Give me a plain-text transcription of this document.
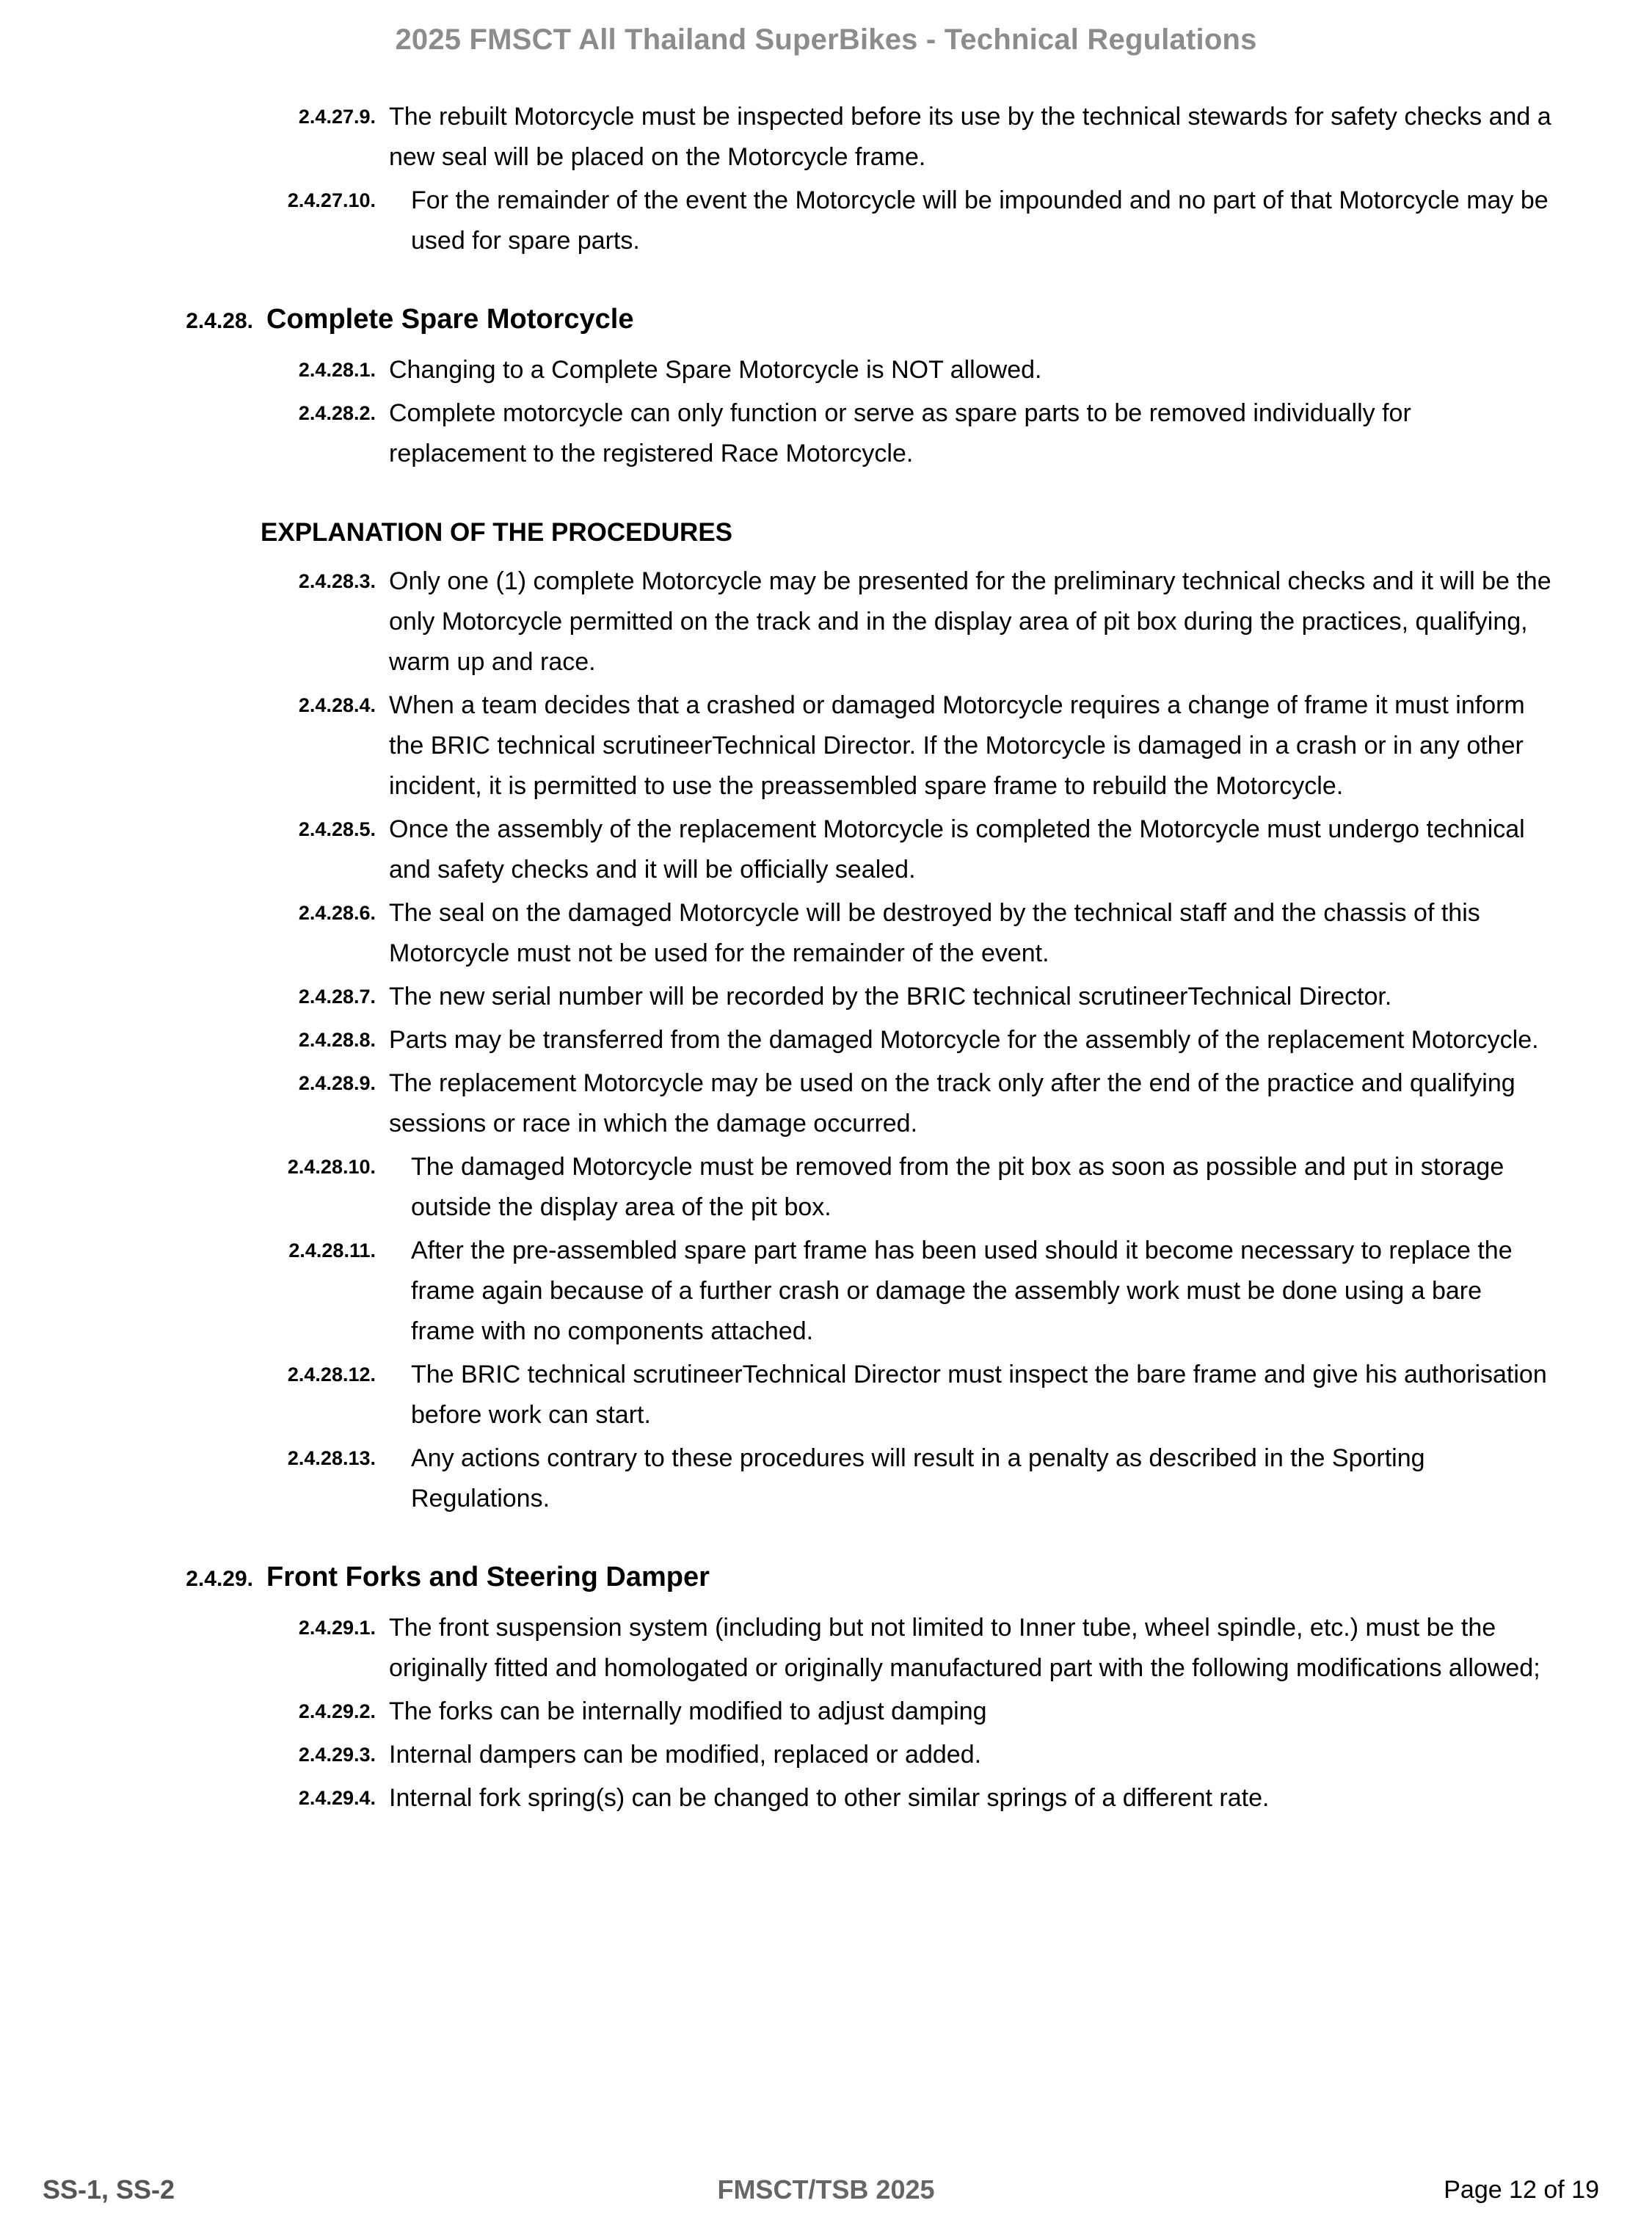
2025 FMSCT All Thailand SuperBikes - Technical Regulations
2.4.27.9. The rebuilt Motorcycle must be inspected before its use by the technical stewards for safety checks and a new seal will be placed on the Motorcycle frame.
2.4.27.10.	For the remainder of the event the Motorcycle will be impounded and no part of that Motorcycle may be used for spare parts.
2.4.28. Complete Spare Motorcycle
2.4.28.1. Changing to a Complete Spare Motorcycle is NOT allowed.
2.4.28.2. Complete motorcycle can only function or serve as spare parts to be removed individually for replacement to the registered Race Motorcycle.
EXPLANATION OF THE PROCEDURES
2.4.28.3. Only one (1) complete Motorcycle may be presented for the preliminary technical checks and it will be the only Motorcycle permitted on the track and in the display area of pit box during the practices, qualifying, warm up and race.
2.4.28.4. When a team decides that a crashed or damaged Motorcycle requires a change of frame it must inform the BRIC technical scrutineerTechnical Director. If the Motorcycle is damaged in a crash or in any other incident, it is permitted to use the preassembled spare frame to rebuild the Motorcycle.
2.4.28.5. Once the assembly of the replacement Motorcycle is completed the Motorcycle must undergo technical and safety checks and it will be officially sealed.
2.4.28.6. The seal on the damaged Motorcycle will be destroyed by the technical staff and the chassis of this Motorcycle must not be used for the remainder of the event.
2.4.28.7. The new serial number will be recorded by the BRIC technical scrutineerTechnical Director.
2.4.28.8. Parts may be transferred from the damaged Motorcycle for the assembly of the replacement Motorcycle.
2.4.28.9. The replacement Motorcycle may be used on the track only after the end of the practice and qualifying sessions or race in which the damage occurred.
2.4.28.10.	The damaged Motorcycle must be removed from the pit box as soon as possible and put in storage outside the display area of the pit box.
2.4.28.11.	After the pre-assembled spare part frame has been used should it become necessary to replace the frame again because of a further crash or damage the assembly work must be done using a bare frame with no components attached.
2.4.28.12.	The BRIC technical scrutineerTechnical Director must inspect the bare frame and give his authorisation before work can start.
2.4.28.13.	Any actions contrary to these procedures will result in a penalty as described in the Sporting Regulations.
2.4.29. Front Forks and Steering Damper
2.4.29.1. The front suspension system (including but not limited to Inner tube, wheel spindle, etc.) must be the originally fitted and homologated or originally manufactured part with the following modifications allowed;
2.4.29.2. The forks can be internally modified to adjust damping
2.4.29.3. Internal dampers can be modified, replaced or added.
2.4.29.4. Internal fork spring(s) can be changed to other similar springs of a different rate.
SS-1, SS-2	FMSCT/TSB 2025	Page 12 of 19
